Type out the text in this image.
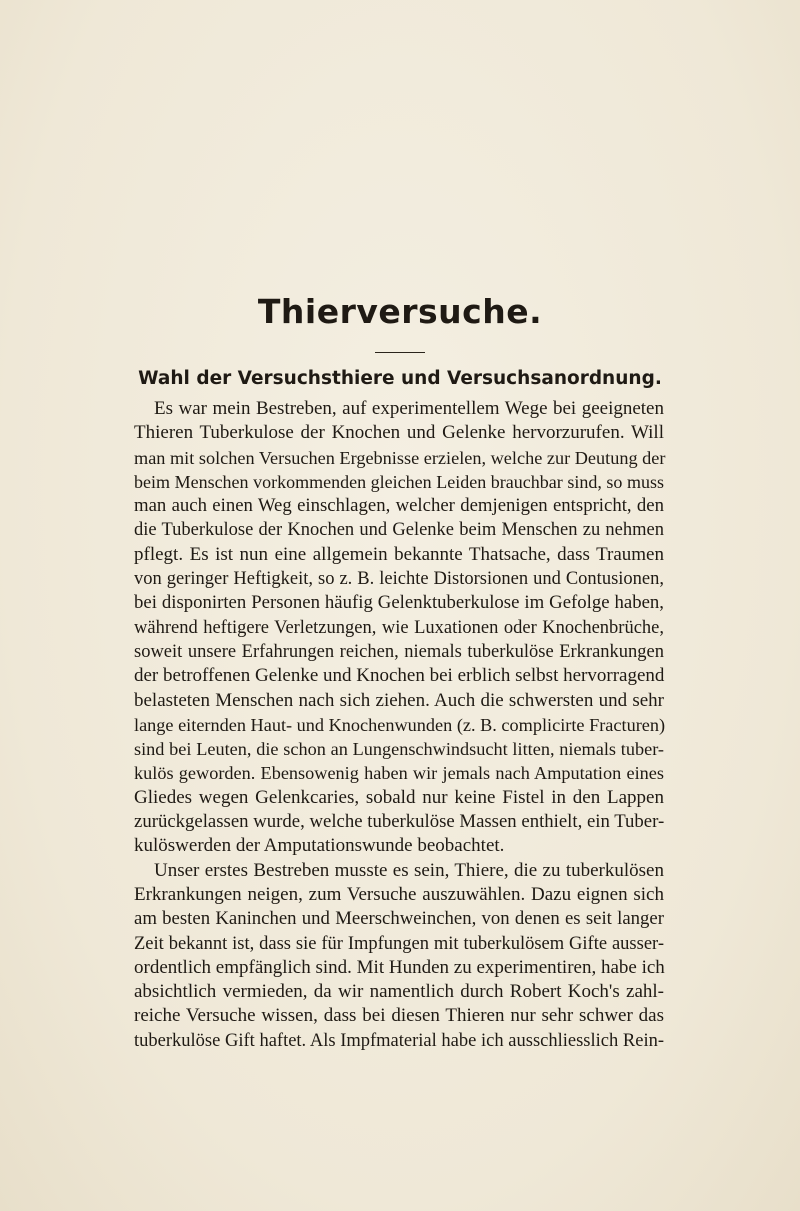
Thierversuche.
Wahl der Versuchsthiere und Versuchsanordnung.
Es war mein Bestreben, auf experimentellem Wege bei geeigneten
Thieren Tuberkulose der Knochen und Gelenke hervorzurufen. Will
man mit solchen Versuchen Ergebnisse erzielen, welche zur Deutung der
beim Menschen vorkommenden gleichen Leiden brauchbar sind, so muss
man auch einen Weg einschlagen, welcher demjenigen entspricht, den
die Tuberkulose der Knochen und Gelenke beim Menschen zu nehmen
pflegt. Es ist nun eine allgemein bekannte Thatsache, dass Traumen
von geringer Heftigkeit, so z. B. leichte Distorsionen und Contusionen,
bei disponirten Personen häufig Gelenktuberkulose im Gefolge haben,
während heftigere Verletzungen, wie Luxationen oder Knochenbrüche,
soweit unsere Erfahrungen reichen, niemals tuberkulöse Erkrankungen
der betroffenen Gelenke und Knochen bei erblich selbst hervorragend
belasteten Menschen nach sich ziehen. Auch die schwersten und sehr
lange eiternden Haut- und Knochenwunden (z. B. complicirte Fracturen)
sind bei Leuten, die schon an Lungenschwindsucht litten, niemals tuber-
kulös geworden. Ebensowenig haben wir jemals nach Amputation eines
Gliedes wegen Gelenkcaries, sobald nur keine Fistel in den Lappen
zurückgelassen wurde, welche tuberkulöse Massen enthielt, ein Tuber-
kulöswerden der Amputationswunde beobachtet.
Unser erstes Bestreben musste es sein, Thiere, die zu tuberkulösen
Erkrankungen neigen, zum Versuche auszuwählen. Dazu eignen sich
am besten Kaninchen und Meerschweinchen, von denen es seit langer
Zeit bekannt ist, dass sie für Impfungen mit tuberkulösem Gifte ausser-
ordentlich empfänglich sind. Mit Hunden zu experimentiren, habe ich
absichtlich vermieden, da wir namentlich durch Robert Koch's zahl-
reiche Versuche wissen, dass bei diesen Thieren nur sehr schwer das
tuberkulöse Gift haftet. Als Impfmaterial habe ich ausschliesslich Rein-
